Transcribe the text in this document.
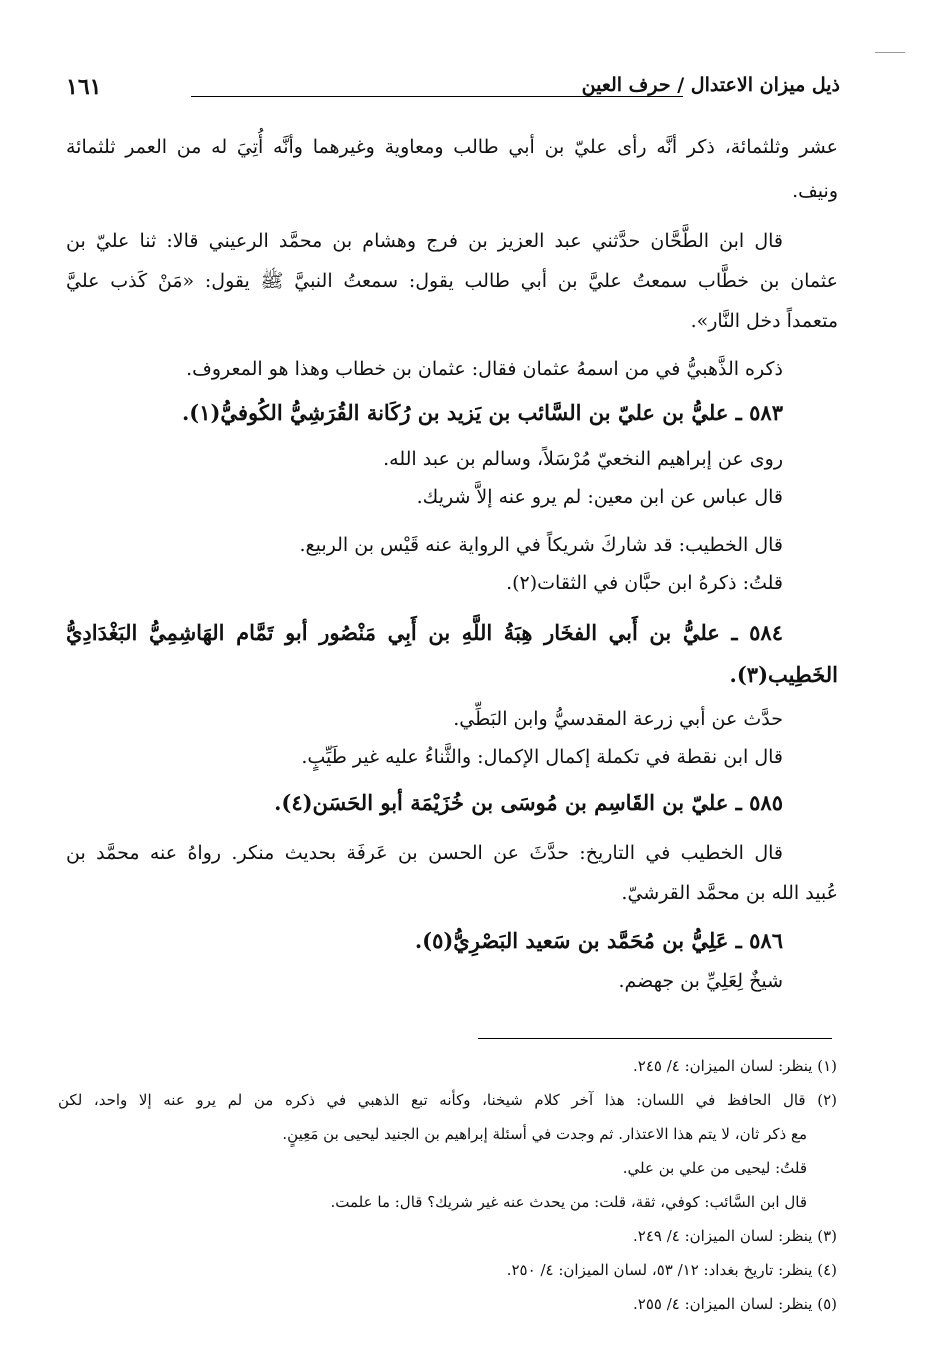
١٦١	ذيل ميزان الاعتدال / حرف العين
عشر وثلثمائة، ذكر أنَّه رأى عليّ بن أبي طالب ومعاوية وغيرهما وأنَّه أُتِيَ له من العمر ثلثمائة
ونيف.
قال ابن الطَّحَّان حدَّثني عبد العزيز بن فرج وهشام بن محمَّد الرعيني قالا: ثنا عليّ بن
عثمان بن خطَّاب سمعتُ عليَّ بن أبي طالب يقول: سمعتُ النبيَّ ﷺ يقول: «مَنْ كَذب عليَّ
متعمداً دخل النَّار».
ذكره الذَّهبيُّ في من اسمهُ عثمان فقال: عثمان بن خطاب وهذا هو المعروف.
٥٨٣ ـ عليُّ بن عليّ بن السَّائب بن يَزيد بن رُكَانة القُرَشِيُّ الكُوفيُّ(١).
روى عن إبراهيم النخعيّ مُرْسَلاً، وسالم بن عبد الله.
قال عباس عن ابن معين: لم يرو عنه إلاَّ شريك.
قال الخطيب: قد شاركَ شريكاً في الرواية عنه قَيْس بن الربيع.
قلتُ: ذكرهُ ابن حبَّان في الثقات(٢).
٥٨٤ ـ عليُّ بن أَبي الفخَار هِبَةُ اللَّهِ بن أَبِي مَنْصُور أبو تَمَّام الهَاشِمِيُّ البَغْدَادِيُّ
الخَطِيب(٣).
حدَّث عن أبي زرعة المقدسيُّ وابن البَطِّي.
قال ابن نقطة في تكملة إكمال الإكمال: والثَّناءُ عليه غير طَيِّبٍ.
٥٨٥ ـ عليّ بن القَاسِم بن مُوسَى بن خُزَيْمَة أبو الحَسَن(٤).
قال الخطيب في التاريخ: حدَّثَ عن الحسن بن عَرفَة بحديث منكر. رواهُ عنه محمَّد بن
عُبيد الله بن محمَّد القرشيّ.
٥٨٦ ـ عَلِيُّ بن مُحَمَّد بن سَعيد البَصْرِيُّ(٥).
شيخٌ لِعَلِيِّ بن جهضم.
(١) ينظر: لسان الميزان: ٤/ ٢٤٥.
(٢) قال الحافظ في اللسان: هذا آخر كلام شيخنا، وكأنه تبع الذهبي في ذكره من لم يرو عنه إلا واحد، لكن
مع ذكر ثان، لا يتم هذا الاعتذار. ثم وجدت في أسئلة إبراهيم بن الجنيد ليحيى بن مَعِينٍ.
قلتُ: ليحيى من علي بن علي.
قال ابن السَّائب: كوفي، ثقة، قلت: من يحدث عنه غير شريك؟ قال: ما علمت.
(٣) ينظر: لسان الميزان: ٤/ ٢٤٩.
(٤) ينظر: تاريخ بغداد: ١٢/ ٥٣، لسان الميزان: ٤/ ٢٥٠.
(٥) ينظر: لسان الميزان: ٤/ ٢٥٥.
